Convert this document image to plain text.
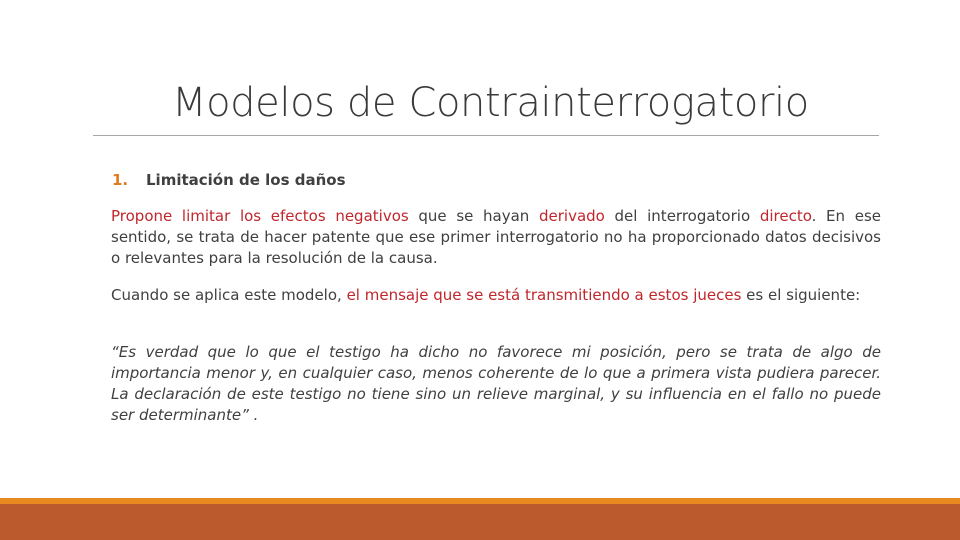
Modelos de Contrainterrogatorio
1. Limitación de los daños
Propone limitar los efectos negativos que se hayan derivado del interrogatorio directo. En ese sentido, se trata de hacer patente que ese primer interrogatorio no ha proporcionado datos decisivos o relevantes para la resolución de la causa.
Cuando se aplica este modelo, el mensaje que se está transmitiendo a estos jueces es el siguiente:
“Es verdad que lo que el testigo ha dicho no favorece mi posición, pero se trata de algo de importancia menor y, en cualquier caso, menos coherente de lo que a primera vista pudiera parecer. La declaración de este testigo no tiene sino un relieve marginal, y su influencia en el fallo no puede ser determinante” .
